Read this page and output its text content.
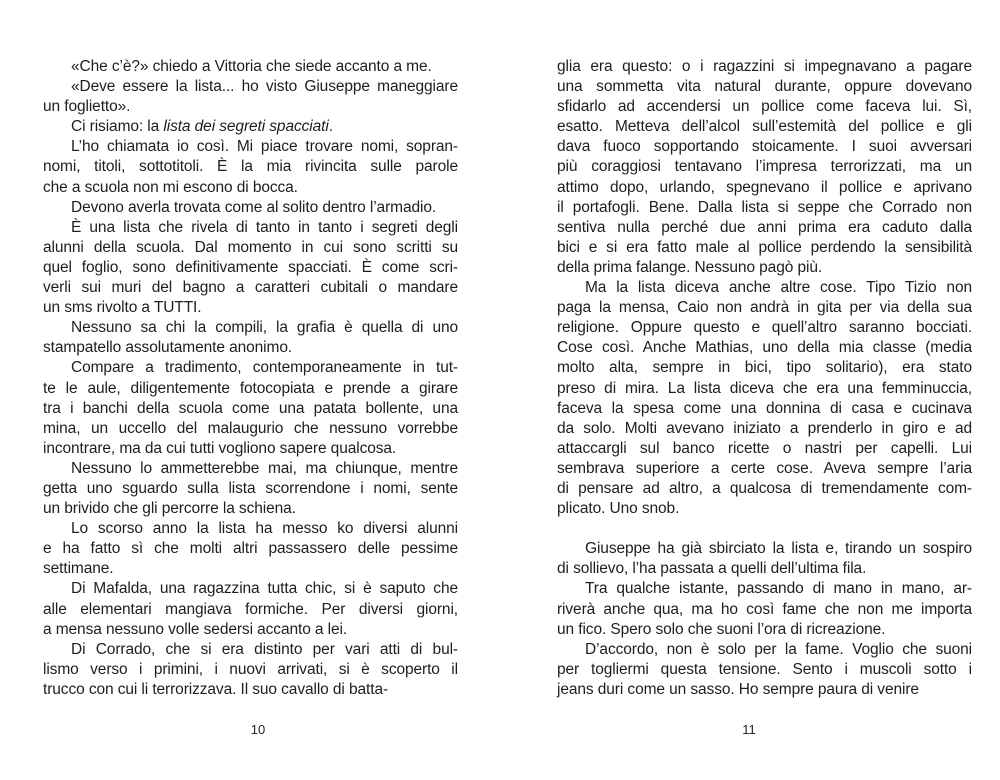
«Che c’è?» chiedo a Vittoria che siede accanto a me.
«Deve essere la lista... ho visto Giuseppe maneggiare
un foglietto».
Ci risiamo: la lista dei segreti spacciati.
L’ho chiamata io così. Mi piace trovare nomi, sopran-
nomi, titoli, sottotitoli. È la mia rivincita sulle parole
che a scuola non mi escono di bocca.
Devono averla trovata come al solito dentro l’armadio.
È una lista che rivela di tanto in tanto i segreti degli
alunni della scuola. Dal momento in cui sono scritti su
quel foglio, sono definitivamente spacciati. È come scri-
verli sui muri del bagno a caratteri cubitali o mandare
un sms rivolto a TUTTI.
Nessuno sa chi la compili, la grafia è quella di uno
stampatello assolutamente anonimo.
Compare a tradimento, contemporaneamente in tut-
te le aule, diligentemente fotocopiata e prende a girare
tra i banchi della scuola come una patata bollente, una
mina, un uccello del malaugurio che nessuno vorrebbe
incontrare, ma da cui tutti vogliono sapere qualcosa.
Nessuno lo ammetterebbe mai, ma chiunque, mentre
getta uno sguardo sulla lista scorrendone i nomi, sente
un brivido che gli percorre la schiena.
Lo scorso anno la lista ha messo ko diversi alunni
e ha fatto sì che molti altri passassero delle pessime
settimane.
Di Mafalda, una ragazzina tutta chic, si è saputo che
alle elementari mangiava formiche. Per diversi giorni,
a mensa nessuno volle sedersi accanto a lei.
Di Corrado, che si era distinto per vari atti di bul-
lismo verso i primini, i nuovi arrivati, si è scoperto il
trucco con cui li terrorizzava. Il suo cavallo di batta-
10
glia era questo: o i ragazzini si impegnavano a pagare
una sommetta vita natural durante, oppure dovevano
sfidarlo ad accendersi un pollice come faceva lui. Sì,
esatto. Metteva dell’alcol sull’estemità del pollice e gli
dava fuoco sopportando stoicamente. I suoi avversari
più coraggiosi tentavano l’impresa terrorizzati, ma un
attimo dopo, urlando, spegnevano il pollice e aprivano
il portafogli. Bene. Dalla lista si seppe che Corrado non
sentiva nulla perché due anni prima era caduto dalla
bici e si era fatto male al pollice perdendo la sensibilità
della prima falange. Nessuno pagò più.
Ma la lista diceva anche altre cose. Tipo Tizio non
paga la mensa, Caio non andrà in gita per via della sua
religione. Oppure questo e quell’altro saranno bocciati.
Cose così. Anche Mathias, uno della mia classe (media
molto alta, sempre in bici, tipo solitario), era stato
preso di mira. La lista diceva che era una femminuccia,
faceva la spesa come una donnina di casa e cucinava
da solo. Molti avevano iniziato a prenderlo in giro e ad
attaccargli sul banco ricette o nastri per capelli. Lui
sembrava superiore a certe cose. Aveva sempre l’aria
di pensare ad altro, a qualcosa di tremendamente com-
plicato. Uno snob.
Giuseppe ha già sbirciato la lista e, tirando un sospiro
di sollievo, l’ha passata a quelli dell’ultima fila.
Tra qualche istante, passando di mano in mano, ar-
riverà anche qua, ma ho così fame che non me importa
un fico. Spero solo che suoni l’ora di ricreazione.
D’accordo, non è solo per la fame. Voglio che suoni
per togliermi questa tensione. Sento i muscoli sotto i
jeans duri come un sasso. Ho sempre paura di venire
11
